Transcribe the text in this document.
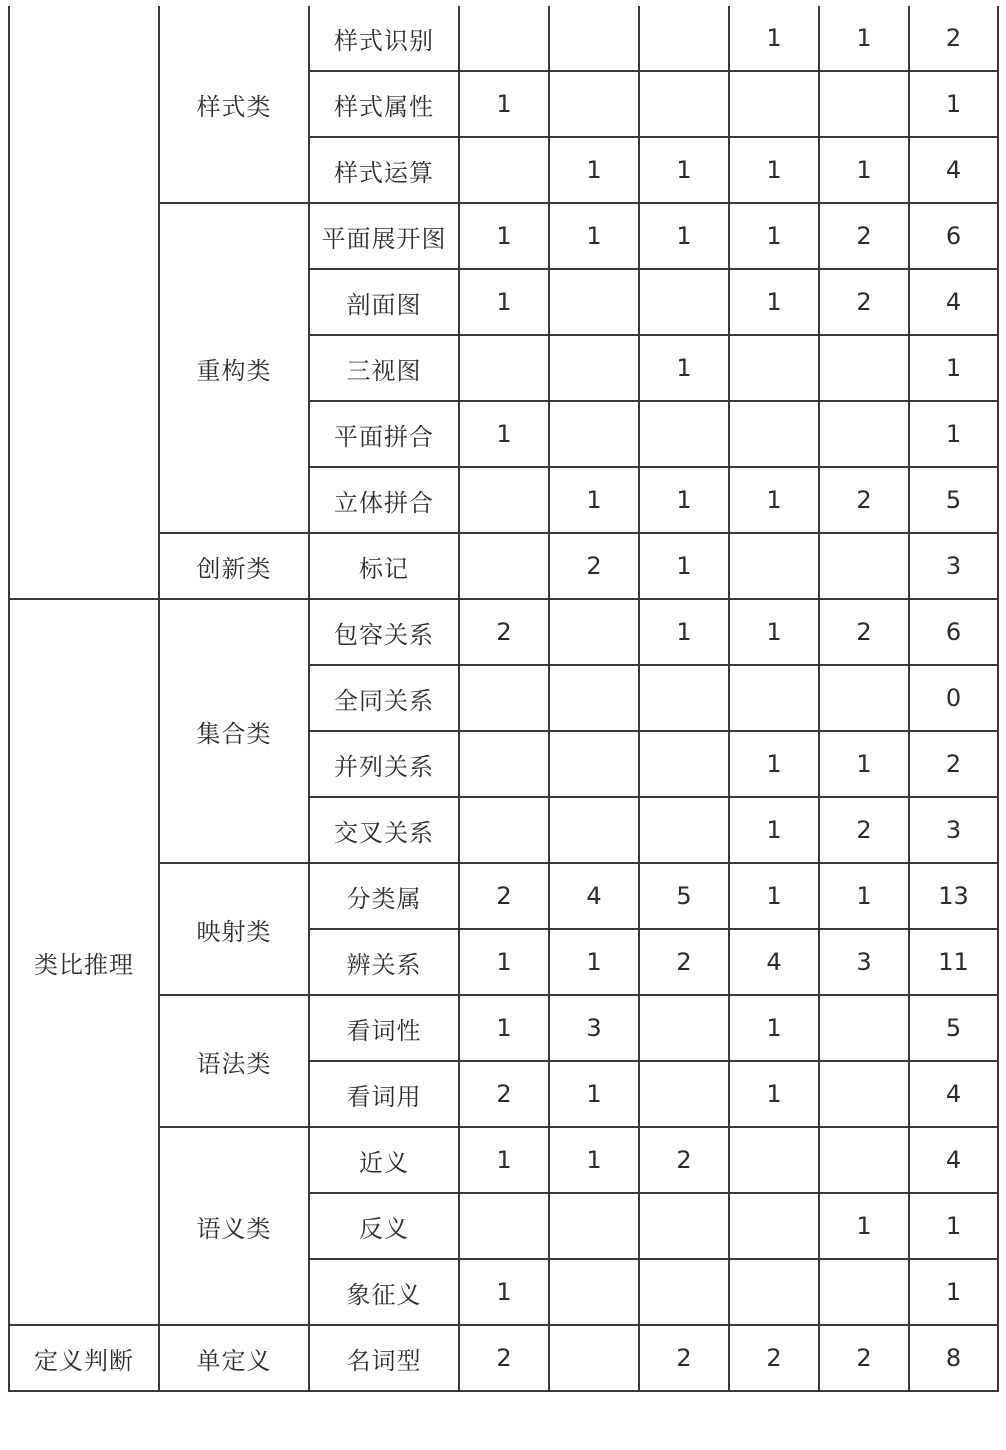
	样式类	样式识别				1	1	2
		样式属性	1					1
		样式运算		1	1	1	1	4
	重构类	平面展开图	1	1	1	1	2	6
		剖面图	1			1	2	4
		三视图			1			1
		平面拼合	1					1
		立体拼合		1	1	1	2	5
	创新类	标记		2	1			3
类比推理	集合类	包容关系	2		1	1	2	6
		全同关系						0
		并列关系				1	1	2
		交叉关系				1	2	3
	映射类	分类属	2	4	5	1	1	13
		辨关系	1	1	2	4	3	11
	语法类	看词性	1	3		1		5
		看词用	2	1		1		4
	语义类	近义	1	1	2			4
		反义					1	1
		象征义	1					1
定义判断	单定义	名词型	2		2	2	2	8
